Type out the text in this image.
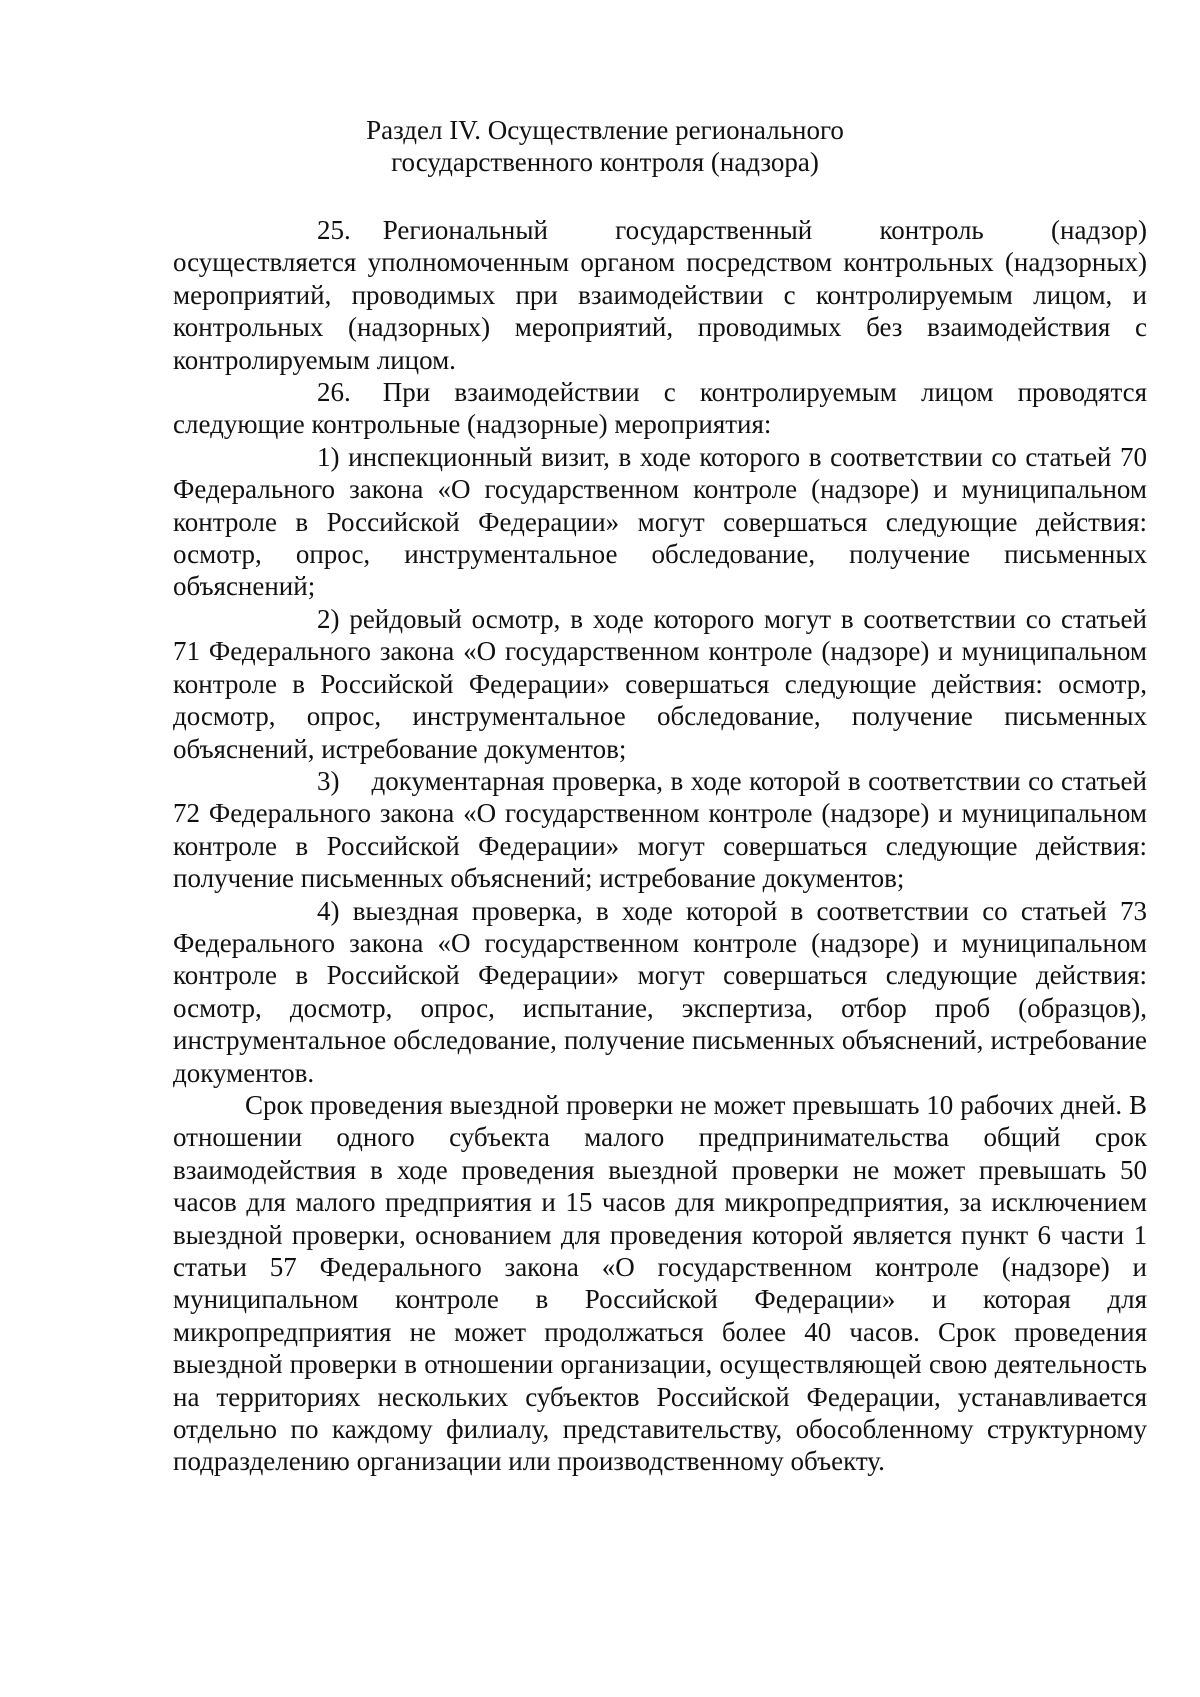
Раздел IV. Осуществление регионального
государственного контроля (надзора)

25. Региональный государственный контроль (надзор) осуществляется уполномоченным органом посредством контрольных (надзорных) мероприятий, проводимых при взаимодействии с контролируемым лицом, и контрольных (надзорных) мероприятий, проводимых без взаимодействия с контролируемым лицом.

26. При взаимодействии с контролируемым лицом проводятся следующие контрольные (надзорные) мероприятия:

1) инспекционный визит, в ходе которого в соответствии со статьей 70 Федерального закона «О государственном контроле (надзоре) и муниципальном контроле в Российской Федерации» могут совершаться следующие действия: осмотр, опрос, инструментальное обследование, получение письменных объяснений;

2) рейдовый осмотр, в ходе которого могут в соответствии со статьей 71 Федерального закона «О государственном контроле (надзоре) и муниципальном контроле в Российской Федерации» совершаться следующие действия: осмотр, досмотр, опрос, инструментальное обследование, получение письменных объяснений, истребование документов;

3) документарная проверка, в ходе которой в соответствии со статьей 72 Федерального закона «О государственном контроле (надзоре) и муниципальном контроле в Российской Федерации» могут совершаться следующие действия: получение письменных объяснений; истребование документов;

4) выездная проверка, в ходе которой в соответствии со статьей 73 Федерального закона «О государственном контроле (надзоре) и муниципальном контроле в Российской Федерации» могут совершаться следующие действия: осмотр, досмотр, опрос, испытание, экспертиза, отбор проб (образцов), инструментальное обследование, получение письменных объяснений, истребование документов.

Срок проведения выездной проверки не может превышать 10 рабочих дней. В отношении одного субъекта малого предпринимательства общий срок взаимодействия в ходе проведения выездной проверки не может превышать 50 часов для малого предприятия и 15 часов для микропредприятия, за исключением выездной проверки, основанием для проведения которой является пункт 6 части 1 статьи 57 Федерального закона «О государственном контроле (надзоре) и муниципальном контроле в Российской Федерации» и которая для микропредприятия не может продолжаться более 40 часов. Срок проведения выездной проверки в отношении организации, осуществляющей свою деятельность на территориях нескольких субъектов Российской Федерации, устанавливается отдельно по каждому филиалу, представительству, обособленному структурному подразделению организации или производственному объекту.
